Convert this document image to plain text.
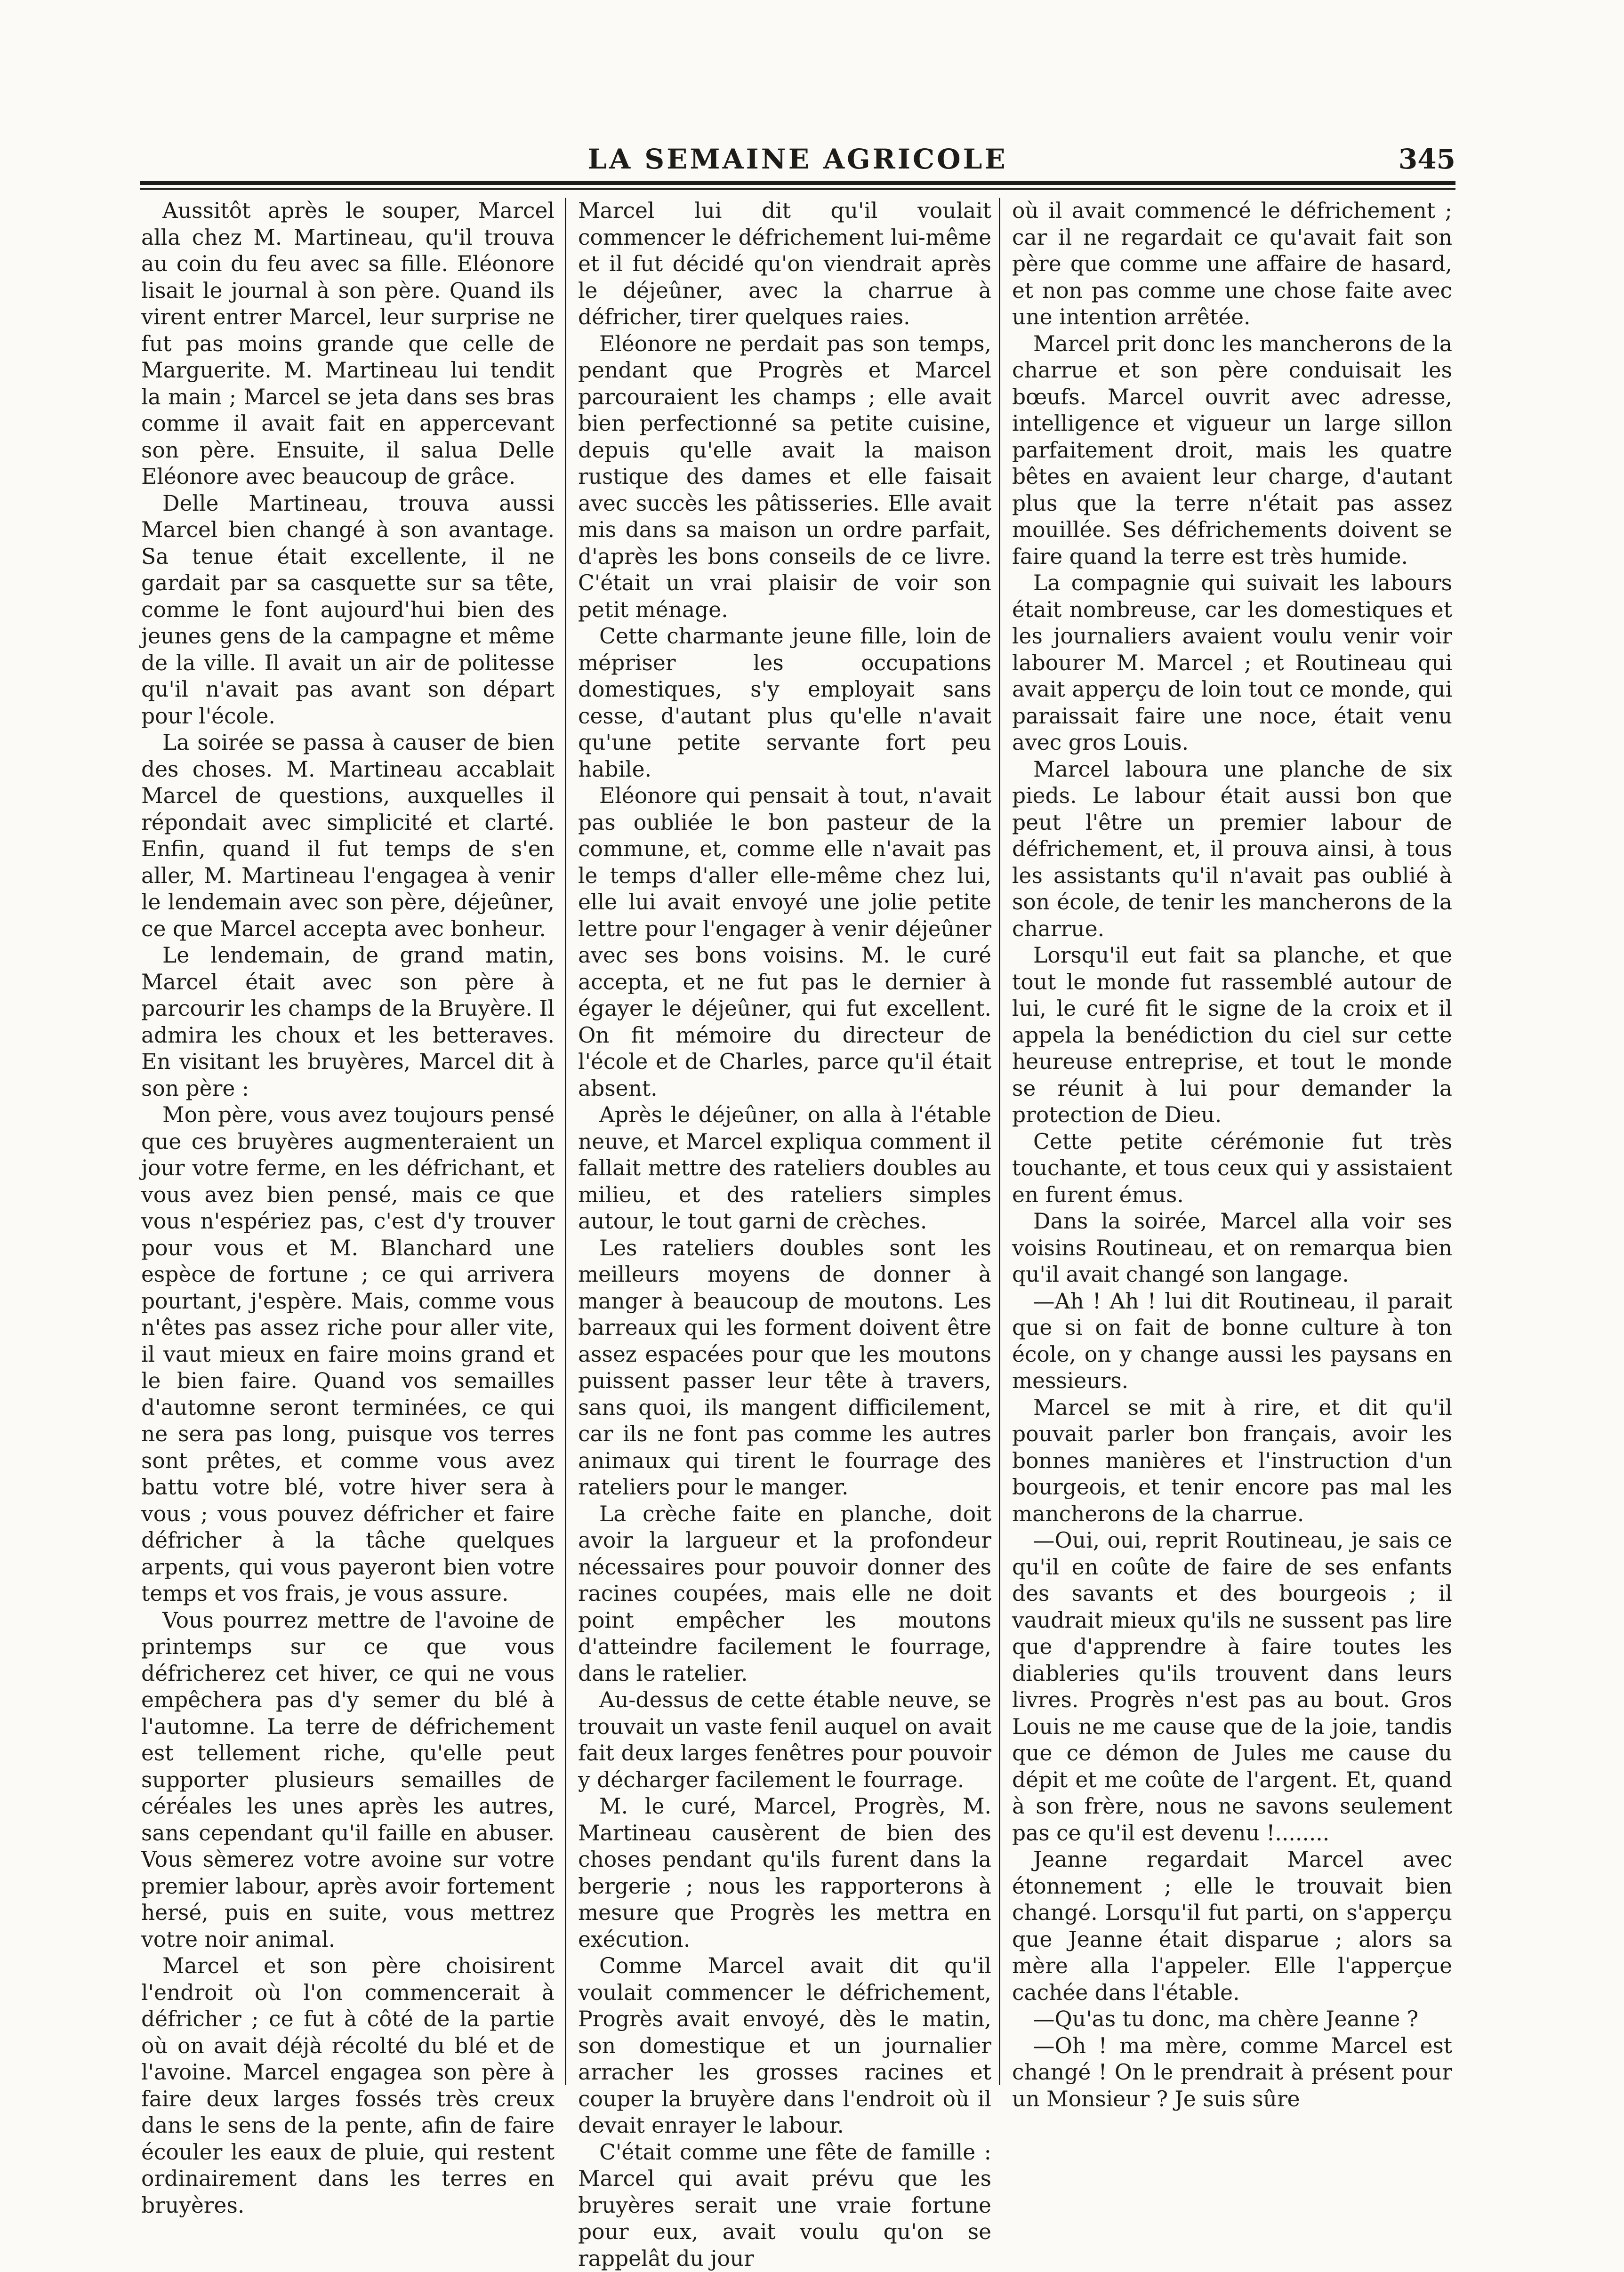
LA SEMAINE AGRICOLE	345

Aussitôt après le souper, Marcel alla chez M. Martineau, qu'il trouva au coin du feu avec sa fille. Eléonore lisait le journal à son père. Quand ils virent entrer Marcel, leur surprise ne fut pas moins grande que celle de Marguerite. M. Martineau lui tendit la main ; Marcel se jeta dans ses bras comme il avait fait en appercevant son père. Ensuite, il salua Delle Eléonore avec beaucoup de grâce.

Delle Martineau, trouva aussi Marcel bien changé à son avantage. Sa tenue était excellente, il ne gardait par sa casquette sur sa tête, comme le font aujourd'hui bien des jeunes gens de la campagne et même de la ville. Il avait un air de politesse qu'il n'avait pas avant son départ pour l'école.

La soirée se passa à causer de bien des choses. M. Martineau accablait Marcel de questions, auxquelles il répondait avec simplicité et clarté. Enfin, quand il fut temps de s'en aller, M. Martineau l'engagea à venir le lendemain avec son père, déjeûner, ce que Marcel accepta avec bonheur.

Le lendemain, de grand matin, Marcel était avec son père à parcourir les champs de la Bruyère. Il admira les choux et les betteraves. En visitant les bruyères, Marcel dit à son père :

Mon père, vous avez toujours pensé que ces bruyères augmenteraient un jour votre ferme, en les défrichant, et vous avez bien pensé, mais ce que vous n'espériez pas, c'est d'y trouver pour vous et M. Blanchard une espèce de fortune ; ce qui arrivera pourtant, j'espère. Mais, comme vous n'êtes pas assez riche pour aller vite, il vaut mieux en faire moins grand et le bien faire. Quand vos semailles d'automne seront terminées, ce qui ne sera pas long, puisque vos terres sont prêtes, et comme vous avez battu votre blé, votre hiver sera à vous ; vous pouvez défricher et faire défricher à la tâche quelques arpents, qui vous payeront bien votre temps et vos frais, je vous assure.

Vous pourrez mettre de l'avoine de printemps sur ce que vous défricherez cet hiver, ce qui ne vous empêchera pas d'y semer du blé à l'automne. La terre de défrichement est tellement riche, qu'elle peut supporter plusieurs semailles de céréales les unes après les autres, sans cependant qu'il faille en abuser. Vous sèmerez votre avoine sur votre premier labour, après avoir fortement hersé, puis en suite, vous mettrez votre noir animal.

Marcel et son père choisirent l'endroit où l'on commencerait à défricher ; ce fut à côté de la partie où on avait déjà récolté du blé et de l'avoine. Marcel engagea son père à faire deux larges fossés très creux dans le sens de la pente, afin de faire écouler les eaux de pluie, qui restent ordinairement dans les terres en bruyères.

Marcel lui dit qu'il voulait commencer le défrichement lui-même et il fut décidé qu'on viendrait après le déjeûner, avec la charrue à défricher, tirer quelques raies.

Eléonore ne perdait pas son temps, pendant que Progrès et Marcel parcouraient les champs ; elle avait bien perfectionné sa petite cuisine, depuis qu'elle avait la maison rustique des dames et elle faisait avec succès les pâtisseries. Elle avait mis dans sa maison un ordre parfait, d'après les bons conseils de ce livre. C'était un vrai plaisir de voir son petit ménage.

Cette charmante jeune fille, loin de mépriser les occupations domestiques, s'y employait sans cesse, d'autant plus qu'elle n'avait qu'une petite servante fort peu habile.

Eléonore qui pensait à tout, n'avait pas oubliée le bon pasteur de la commune, et, comme elle n'avait pas le temps d'aller elle-même chez lui, elle lui avait envoyé une jolie petite lettre pour l'engager à venir déjeûner avec ses bons voisins. M. le curé accepta, et ne fut pas le dernier à égayer le déjeûner, qui fut excellent. On fit mémoire du directeur de l'école et de Charles, parce qu'il était absent.

Après le déjeûner, on alla à l'étable neuve, et Marcel expliqua comment il fallait mettre des rateliers doubles au milieu, et des rateliers simples autour, le tout garni de crèches.

Les rateliers doubles sont les meilleurs moyens de donner à manger à beaucoup de moutons. Les barreaux qui les forment doivent être assez espacées pour que les moutons puissent passer leur tête à travers, sans quoi, ils mangent difficilement, car ils ne font pas comme les autres animaux qui tirent le fourrage des rateliers pour le manger.

La crèche faite en planche, doit avoir la largueur et la profondeur nécessaires pour pouvoir donner des racines coupées, mais elle ne doit point empêcher les moutons d'atteindre facilement le fourrage, dans le ratelier.

Au-dessus de cette étable neuve, se trouvait un vaste fenil auquel on avait fait deux larges fenêtres pour pouvoir y décharger facilement le fourrage.

M. le curé, Marcel, Progrès, M. Martineau causèrent de bien des choses pendant qu'ils furent dans la bergerie ; nous les rapporterons à mesure que Progrès les mettra en exécution.

Comme Marcel avait dit qu'il voulait commencer le défrichement, Progrès avait envoyé, dès le matin, son domestique et un journalier arracher les grosses racines et couper la bruyère dans l'endroit où il devait enrayer le labour.

C'était comme une fête de famille : Marcel qui avait prévu que les bruyères serait une vraie fortune pour eux, avait voulu qu'on se rappelât du jour

où il avait commencé le défrichement ; car il ne regardait ce qu'avait fait son père que comme une affaire de hasard, et non pas comme une chose faite avec une intention arrêtée.

Marcel prit donc les mancherons de la charrue et son père conduisait les bœufs. Marcel ouvrit avec adresse, intelligence et vigueur un large sillon parfaitement droit, mais les quatre bêtes en avaient leur charge, d'autant plus que la terre n'était pas assez mouillée. Ses défrichements doivent se faire quand la terre est très humide.

La compagnie qui suivait les labours était nombreuse, car les domestiques et les journaliers avaient voulu venir voir labourer M. Marcel ; et Routineau qui avait apperçu de loin tout ce monde, qui paraissait faire une noce, était venu avec gros Louis.

Marcel laboura une planche de six pieds. Le labour était aussi bon que peut l'être un premier labour de défrichement, et, il prouva ainsi, à tous les assistants qu'il n'avait pas oublié à son école, de tenir les mancherons de la charrue.

Lorsqu'il eut fait sa planche, et que tout le monde fut rassemblé autour de lui, le curé fit le signe de la croix et il appela la benédiction du ciel sur cette heureuse entreprise, et tout le monde se réunit à lui pour demander la protection de Dieu.

Cette petite cérémonie fut très touchante, et tous ceux qui y assistaient en furent émus.

Dans la soirée, Marcel alla voir ses voisins Routineau, et on remarqua bien qu'il avait changé son langage.

—Ah ! Ah ! lui dit Routineau, il parait que si on fait de bonne culture à ton école, on y change aussi les paysans en messieurs.

Marcel se mit à rire, et dit qu'il pouvait parler bon français, avoir les bonnes manières et l'instruction d'un bourgeois, et tenir encore pas mal les mancherons de la charrue.

—Oui, oui, reprit Routineau, je sais ce qu'il en coûte de faire de ses enfants des savants et des bourgeois ; il vaudrait mieux qu'ils ne sussent pas lire que d'apprendre à faire toutes les diableries qu'ils trouvent dans leurs livres. Progrès n'est pas au bout. Gros Louis ne me cause que de la joie, tandis que ce démon de Jules me cause du dépit et me coûte de l'argent. Et, quand à son frère, nous ne savons seulement pas ce qu'il est devenu !........

Jeanne regardait Marcel avec étonnement ; elle le trouvait bien changé. Lorsqu'il fut parti, on s'apperçu que Jeanne était disparue ; alors sa mère alla l'appeler. Elle l'apperçue cachée dans l'étable.

—Qu'as tu donc, ma chère Jeanne ?

—Oh ! ma mère, comme Marcel est changé ! On le prendrait à présent pour un Monsieur ? Je suis sûre
